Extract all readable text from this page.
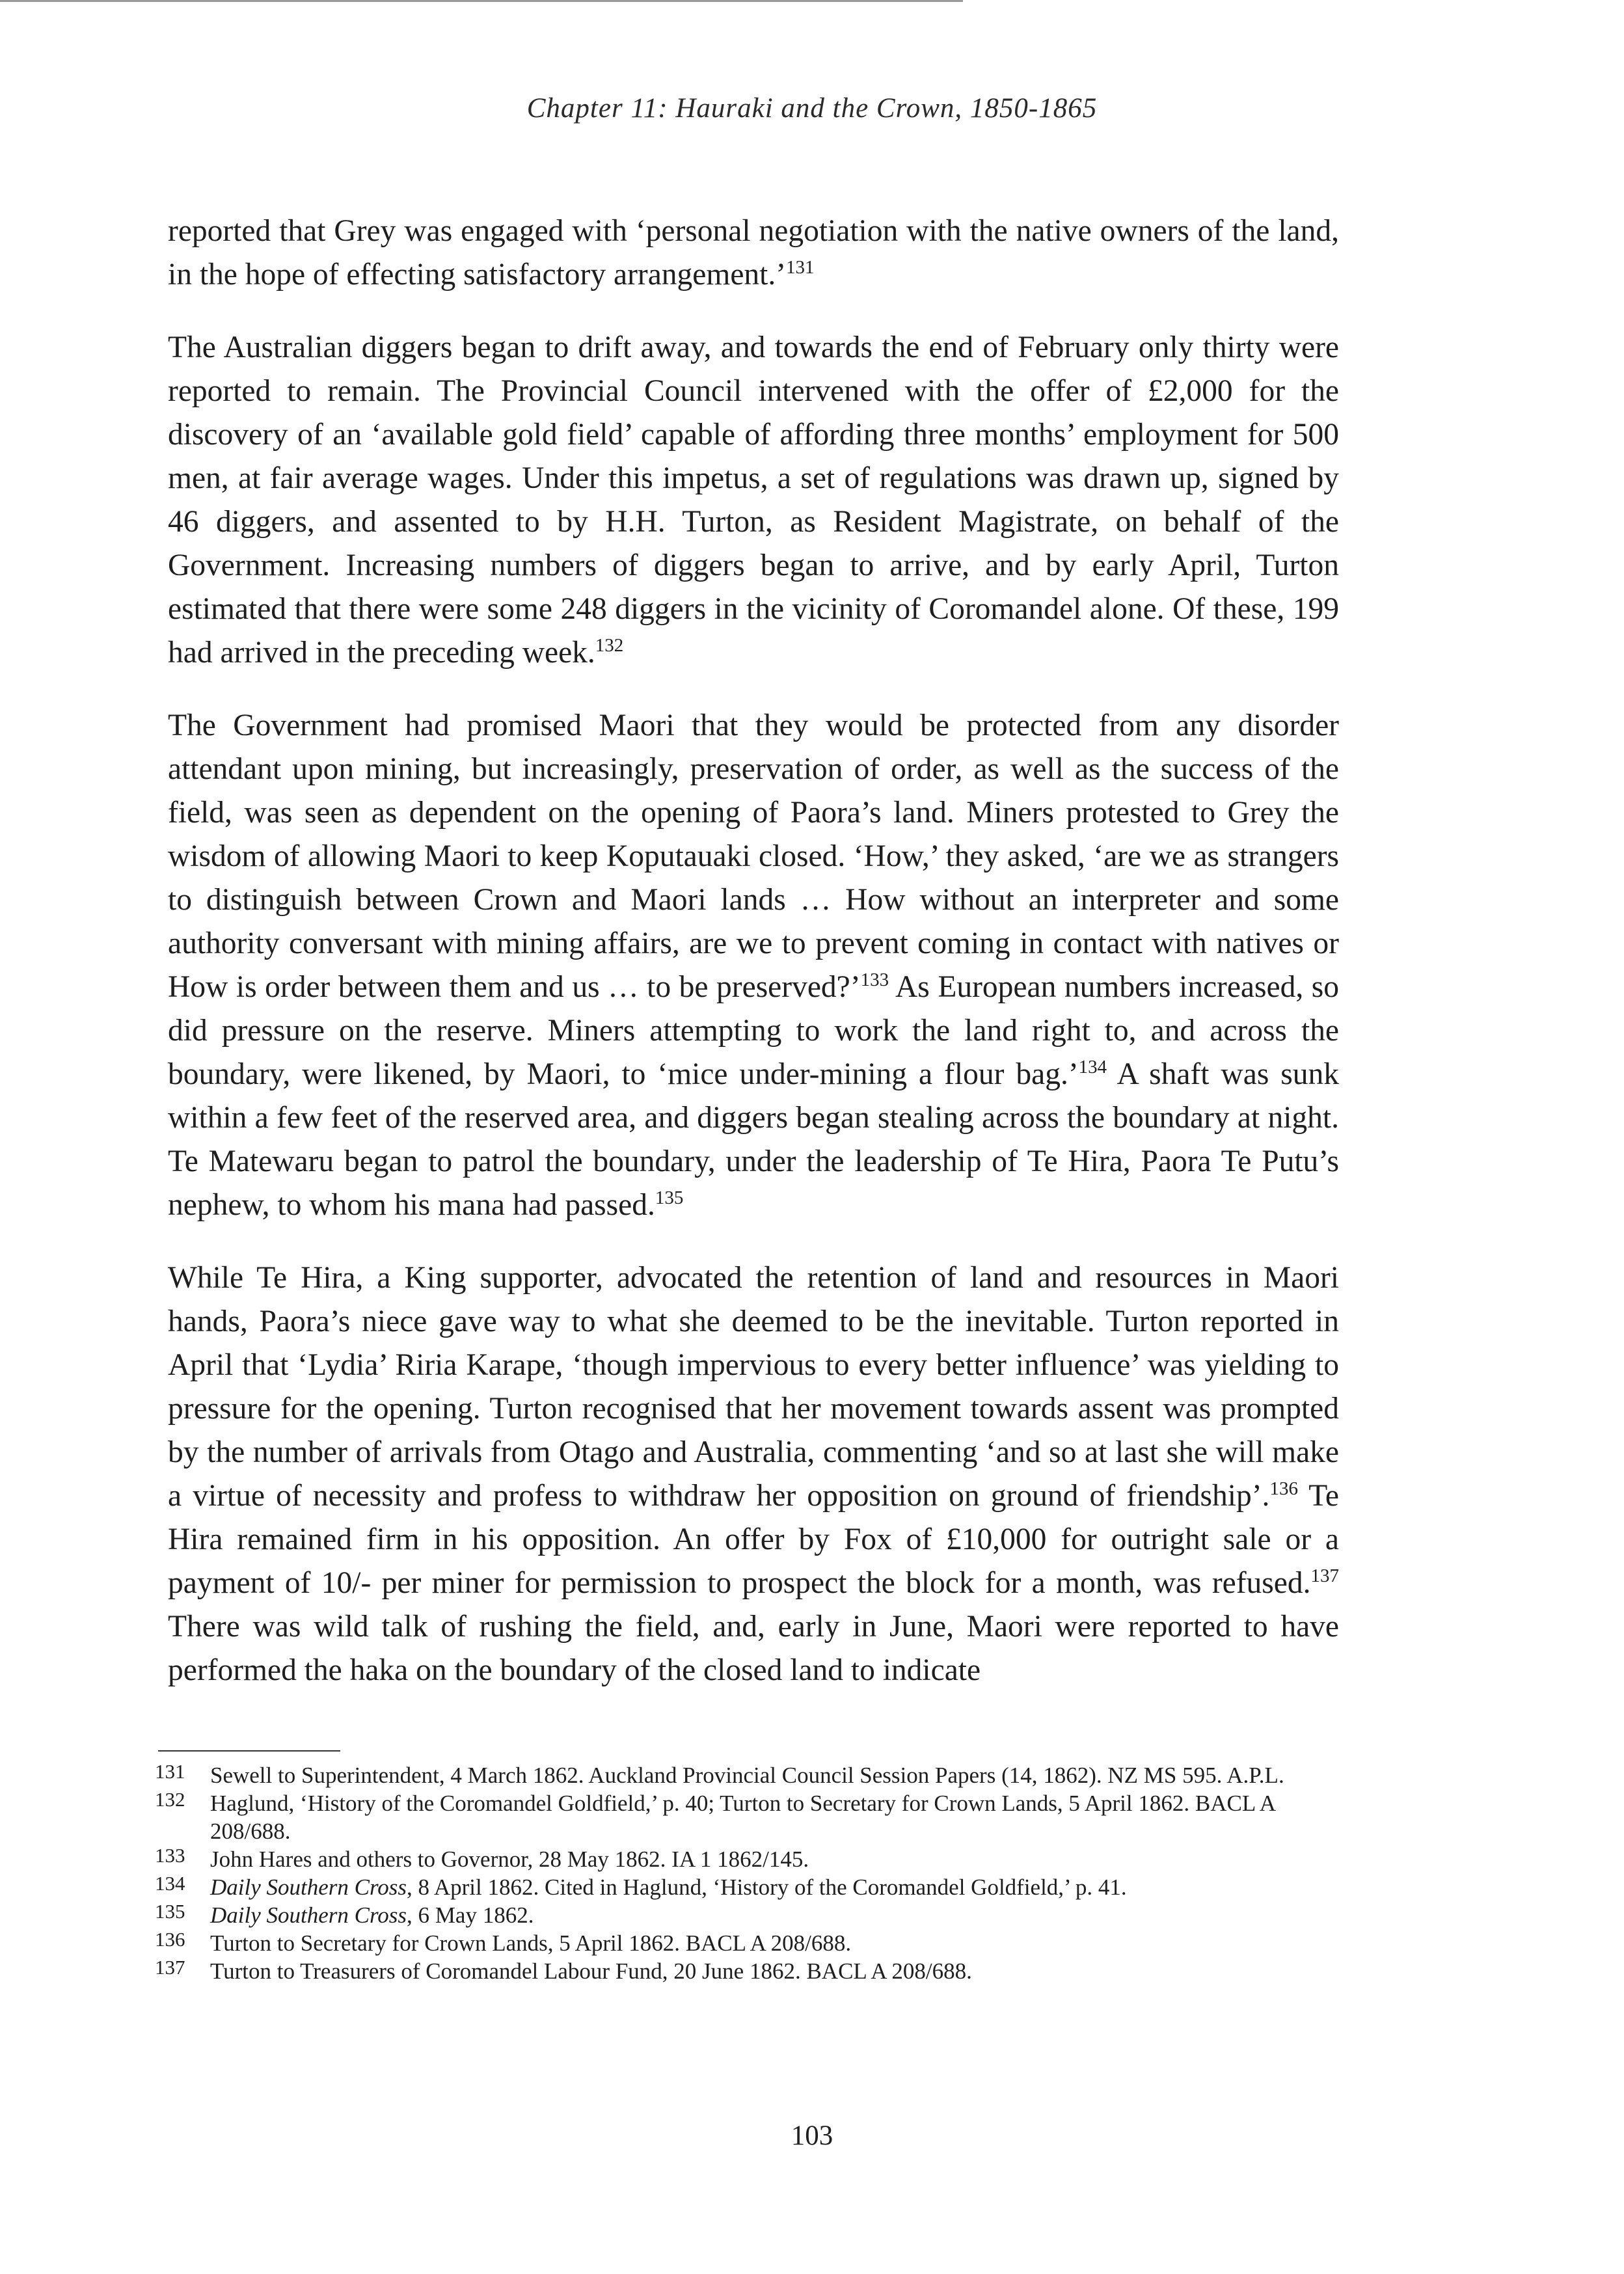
Chapter 11: Hauraki and the Crown, 1850-1865

reported that Grey was engaged with ‘personal negotiation with the native owners of the land, in the hope of effecting satisfactory arrangement.’$^{131}$

The Australian diggers began to drift away, and towards the end of February only thirty were reported to remain. The Provincial Council intervened with the offer of £2,000 for the discovery of an ‘available gold field’ capable of affording three months’ employment for 500 men, at fair average wages. Under this impetus, a set of regulations was drawn up, signed by 46 diggers, and assented to by H.H. Turton, as Resident Magistrate, on behalf of the Government. Increasing numbers of diggers began to arrive, and by early April, Turton estimated that there were some 248 diggers in the vicinity of Coromandel alone. Of these, 199 had arrived in the preceding week.$^{132}$

The Government had promised Maori that they would be protected from any disorder attendant upon mining, but increasingly, preservation of order, as well as the success of the field, was seen as dependent on the opening of Paora’s land. Miners protested to Grey the wisdom of allowing Maori to keep Koputauaki closed. ‘How,’ they asked, ‘are we as strangers to distinguish between Crown and Maori lands … How without an interpreter and some authority conversant with mining affairs, are we to prevent coming in contact with natives or How is order between them and us … to be preserved?’$^{133}$ As European numbers increased, so did pressure on the reserve. Miners attempting to work the land right to, and across the boundary, were likened, by Maori, to ‘mice under-mining a flour bag.’$^{134}$ A shaft was sunk within a few feet of the reserved area, and diggers began stealing across the boundary at night. Te Matewaru began to patrol the boundary, under the leadership of Te Hira, Paora Te Putu’s nephew, to whom his mana had passed.$^{135}$

While Te Hira, a King supporter, advocated the retention of land and resources in Maori hands, Paora’s niece gave way to what she deemed to be the inevitable. Turton reported in April that ‘Lydia’ Riria Karape, ‘though impervious to every better influence’ was yielding to pressure for the opening. Turton recognised that her movement towards assent was prompted by the number of arrivals from Otago and Australia, commenting ‘and so at last she will make a virtue of necessity and profess to withdraw her opposition on ground of friendship’.$^{136}$ Te Hira remained firm in his opposition. An offer by Fox of £10,000 for outright sale or a payment of 10/- per miner for permission to prospect the block for a month, was refused.$^{137}$ There was wild talk of rushing the field, and, early in June, Maori were reported to have performed the haka on the boundary of the closed land to indicate

131	Sewell to Superintendent, 4 March 1862. Auckland Provincial Council Session Papers (14, 1862). NZ MS 595. A.P.L.
132	Haglund, ‘History of the Coromandel Goldfield,’ p. 40; Turton to Secretary for Crown Lands, 5 April 1862. BACL A 208/688.
133	John Hares and others to Governor, 28 May 1862. IA 1 1862/145.
134	Daily Southern Cross, 8 April 1862. Cited in Haglund, ‘History of the Coromandel Goldfield,’ p. 41.
135	Daily Southern Cross, 6 May 1862.
136	Turton to Secretary for Crown Lands, 5 April 1862. BACL A 208/688.
137	Turton to Treasurers of Coromandel Labour Fund, 20 June 1862. BACL A 208/688.
103
